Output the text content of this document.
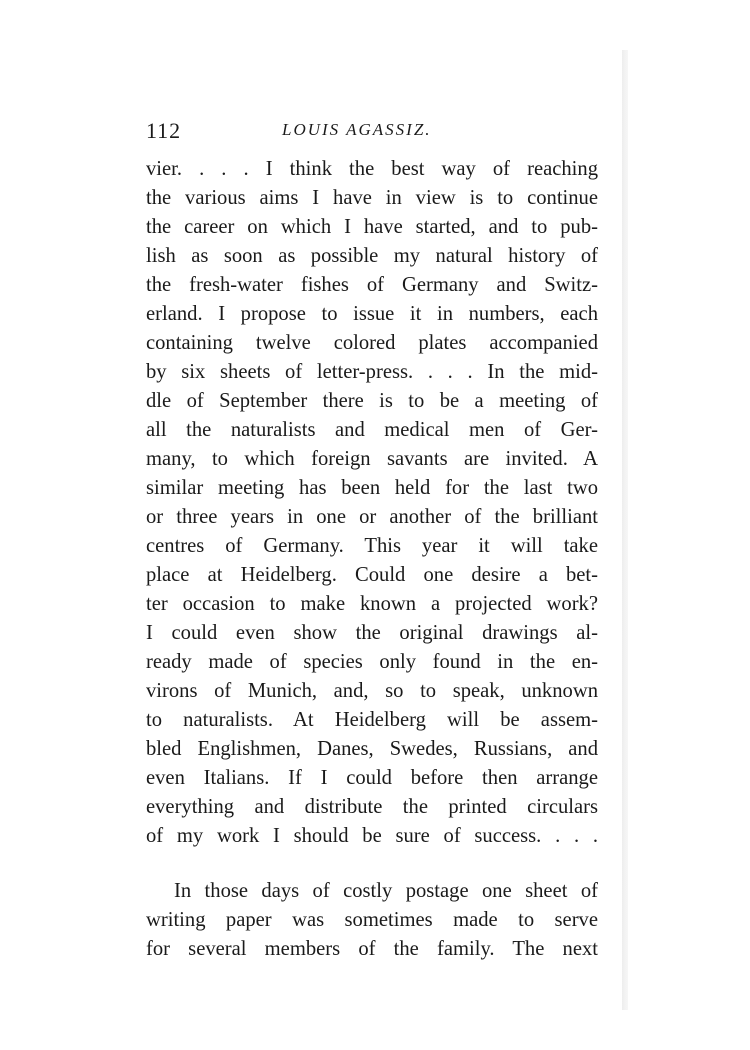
112	LOUIS AGASSIZ.
vier. . . . I think the best way of reaching
the various aims I have in view is to continue
the career on which I have started, and to pub-
lish as soon as possible my natural history of
the fresh-water fishes of Germany and Switz-
erland. I propose to issue it in numbers, each
containing twelve colored plates accompanied
by six sheets of letter-press. . . . In the mid-
dle of September there is to be a meeting of
all the naturalists and medical men of Ger-
many, to which foreign savants are invited. A
similar meeting has been held for the last two
or three years in one or another of the brilliant
centres of Germany. This year it will take
place at Heidelberg. Could one desire a bet-
ter occasion to make known a projected work?
I could even show the original drawings al-
ready made of species only found in the en-
virons of Munich, and, so to speak, unknown
to naturalists. At Heidelberg will be assem-
bled Englishmen, Danes, Swedes, Russians, and
even Italians. If I could before then arrange
everything and distribute the printed circulars
of my work I should be sure of success. . . .
In those days of costly postage one sheet of
writing paper was sometimes made to serve
for several members of the family. The next
